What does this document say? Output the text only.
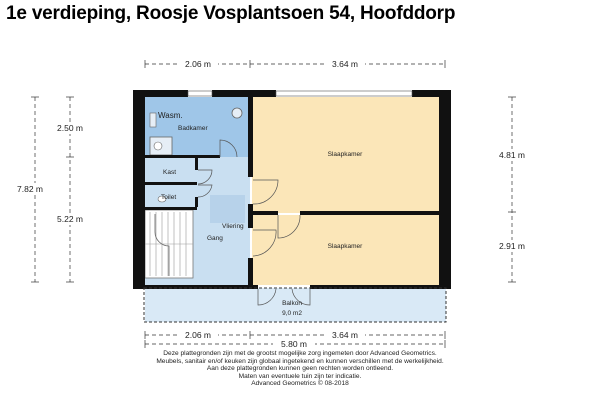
1e verdieping, Roosje Vosplantsoen 54, Hoofddorp
Wasm.
Badkamer
Kast
Toilet
Vliering
Gang
Slaapkamer
Slaapkamer
Balkon
9,0 m2
2.06 m	3.64 m
2.06 m	3.64 m
5.80 m
7.82 m
2.50 m
5.22 m
4.81 m
2.91 m
Deze plattegronden zijn met de grootst mogelijke zorg ingemeten door Advanced Geometrics.
Meubels, sanitair en/of keuken zijn globaal ingetekend en kunnen verschillen met de werkelijkheid.
Aan deze plattegronden kunnen geen rechten worden ontleend.
Maten van eventuele tuin zijn ter indicatie.
Advanced Geometrics © 08-2018
